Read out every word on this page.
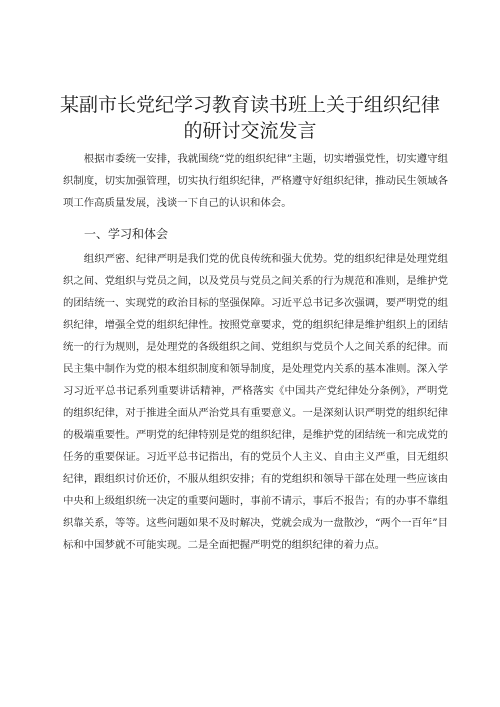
某副市长党纪学习教育读书班上关于组织纪律
的研讨交流发言

根据市委统一安排，我就围绕“党的组织纪律”主题，切实增强党性，切实遵守组织制度，切实加强管理，切实执行组织纪律，严格遵守好组织纪律，推动民生领域各项工作高质量发展，浅谈一下自己的认识和体会。

一、学习和体会

组织严密、纪律严明是我们党的优良传统和强大优势。党的组织纪律是处理党组织之间、党组织与党员之间，以及党员与党员之间关系的行为规范和准则，是维护党的团结统一、实现党的政治目标的坚强保障。习近平总书记多次强调，要严明党的组织纪律，增强全党的组织纪律性。按照党章要求，党的组织纪律是维护组织上的团结统一的行为规则，是处理党的各级组织之间、党组织与党员个人之间关系的纪律。而民主集中制作为党的根本组织制度和领导制度，是处理党内关系的基本准则。深入学习习近平总书记系列重要讲话精神，严格落实《中国共产党纪律处分条例》，严明党的组织纪律，对于推进全面从严治党具有重要意义。一是深刻认识严明党的组织纪律的极端重要性。严明党的纪律特别是党的组织纪律，是维护党的团结统一和完成党的任务的重要保证。习近平总书记指出，有的党员个人主义、自由主义严重，目无组织纪律，跟组织讨价还价，不服从组织安排；有的党组织和领导干部在处理一些应该由中央和上级组织统一决定的重要问题时，事前不请示，事后不报告；有的办事不靠组织靠关系，等等。这些问题如果不及时解决，党就会成为一盘散沙，“两个一百年”目标和中国梦就不可能实现。二是全面把握严明党的组织纪律的着力点。
